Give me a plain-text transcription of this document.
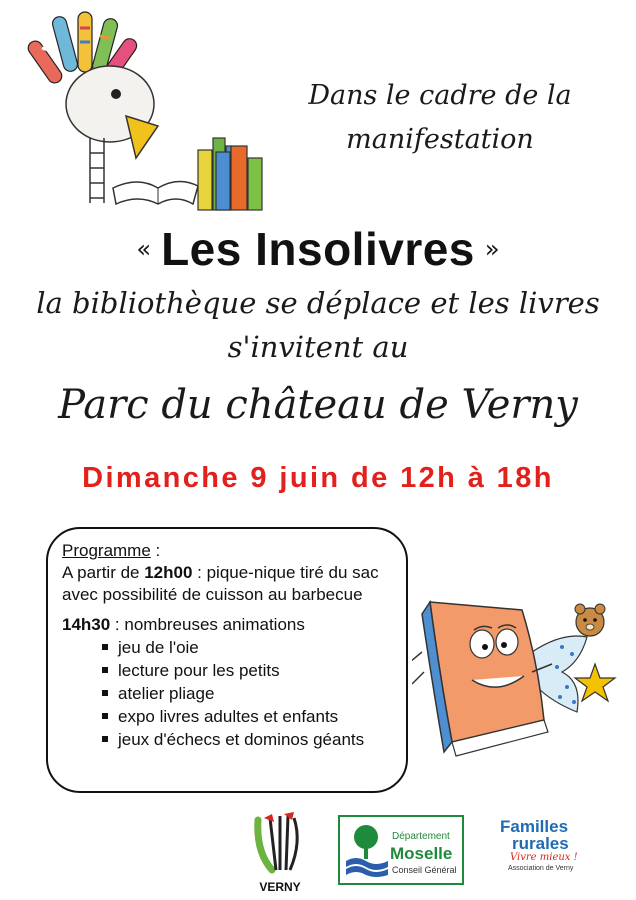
Dans le cadre de la
manifestation
« Les Insolivres »
la bibliothèque se déplace et les livres
s'invitent au
Parc du château de Verny
Dimanche 9 juin de 12h à 18h

Programme :

A partir de 12h00 : pique-nique tiré du sac avec possibilité de cuisson au barbecue

14h30 : nombreuses animations

jeu de l'oie
lecture pour les petits
atelier pliage
expo livres adultes et enfants
jeux d'échecs et dominos géants
VERNY
Département
Moselle
Conseil Général
Familles
rurales
Vivre mieux !
Association de Verny
